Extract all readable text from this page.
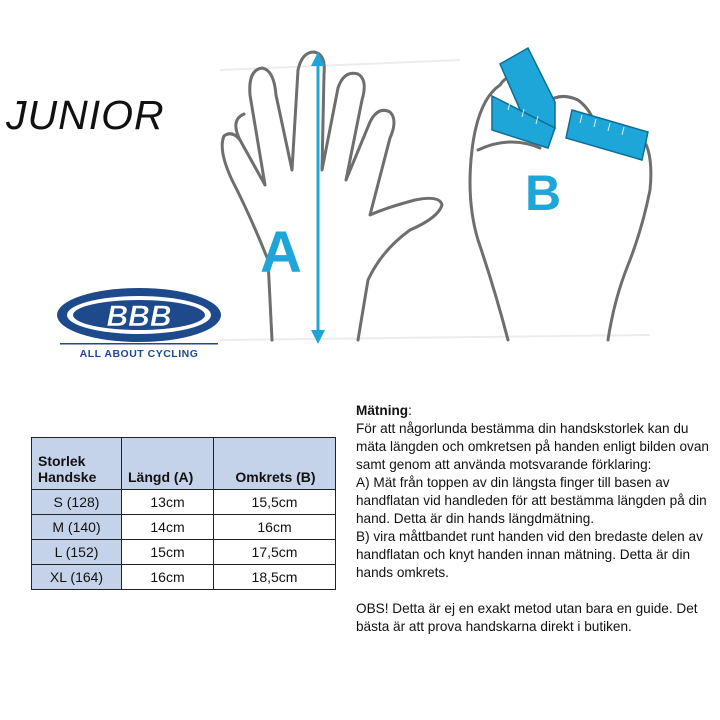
JUNIOR
A
B
BBB
ALL ABOUT CYCLING
Storlek
Handske	Längd (A)	Omkrets (B)
S (128)	13cm	15,5cm
M (140)	14cm	16cm
L (152)	15cm	17,5cm
XL (164)	16cm	18,5cm

Mätning:

För att någorlunda bestämma din handskstorlek kan du mäta längden och omkretsen på handen enligt bilden ovan samt genom att använda motsvarande förklaring:

A) Mät från toppen av din längsta finger till basen av handflatan vid handleden för att bestämma längden på din hand. Detta är din hands längdmätning.

B) vira måttbandet runt handen vid den bredaste delen av handflatan och knyt handen innan mätning. Detta är din hands omkrets.

OBS! Detta är ej en exakt metod utan bara en guide. Det bästa är att prova handskarna direkt i butiken.
